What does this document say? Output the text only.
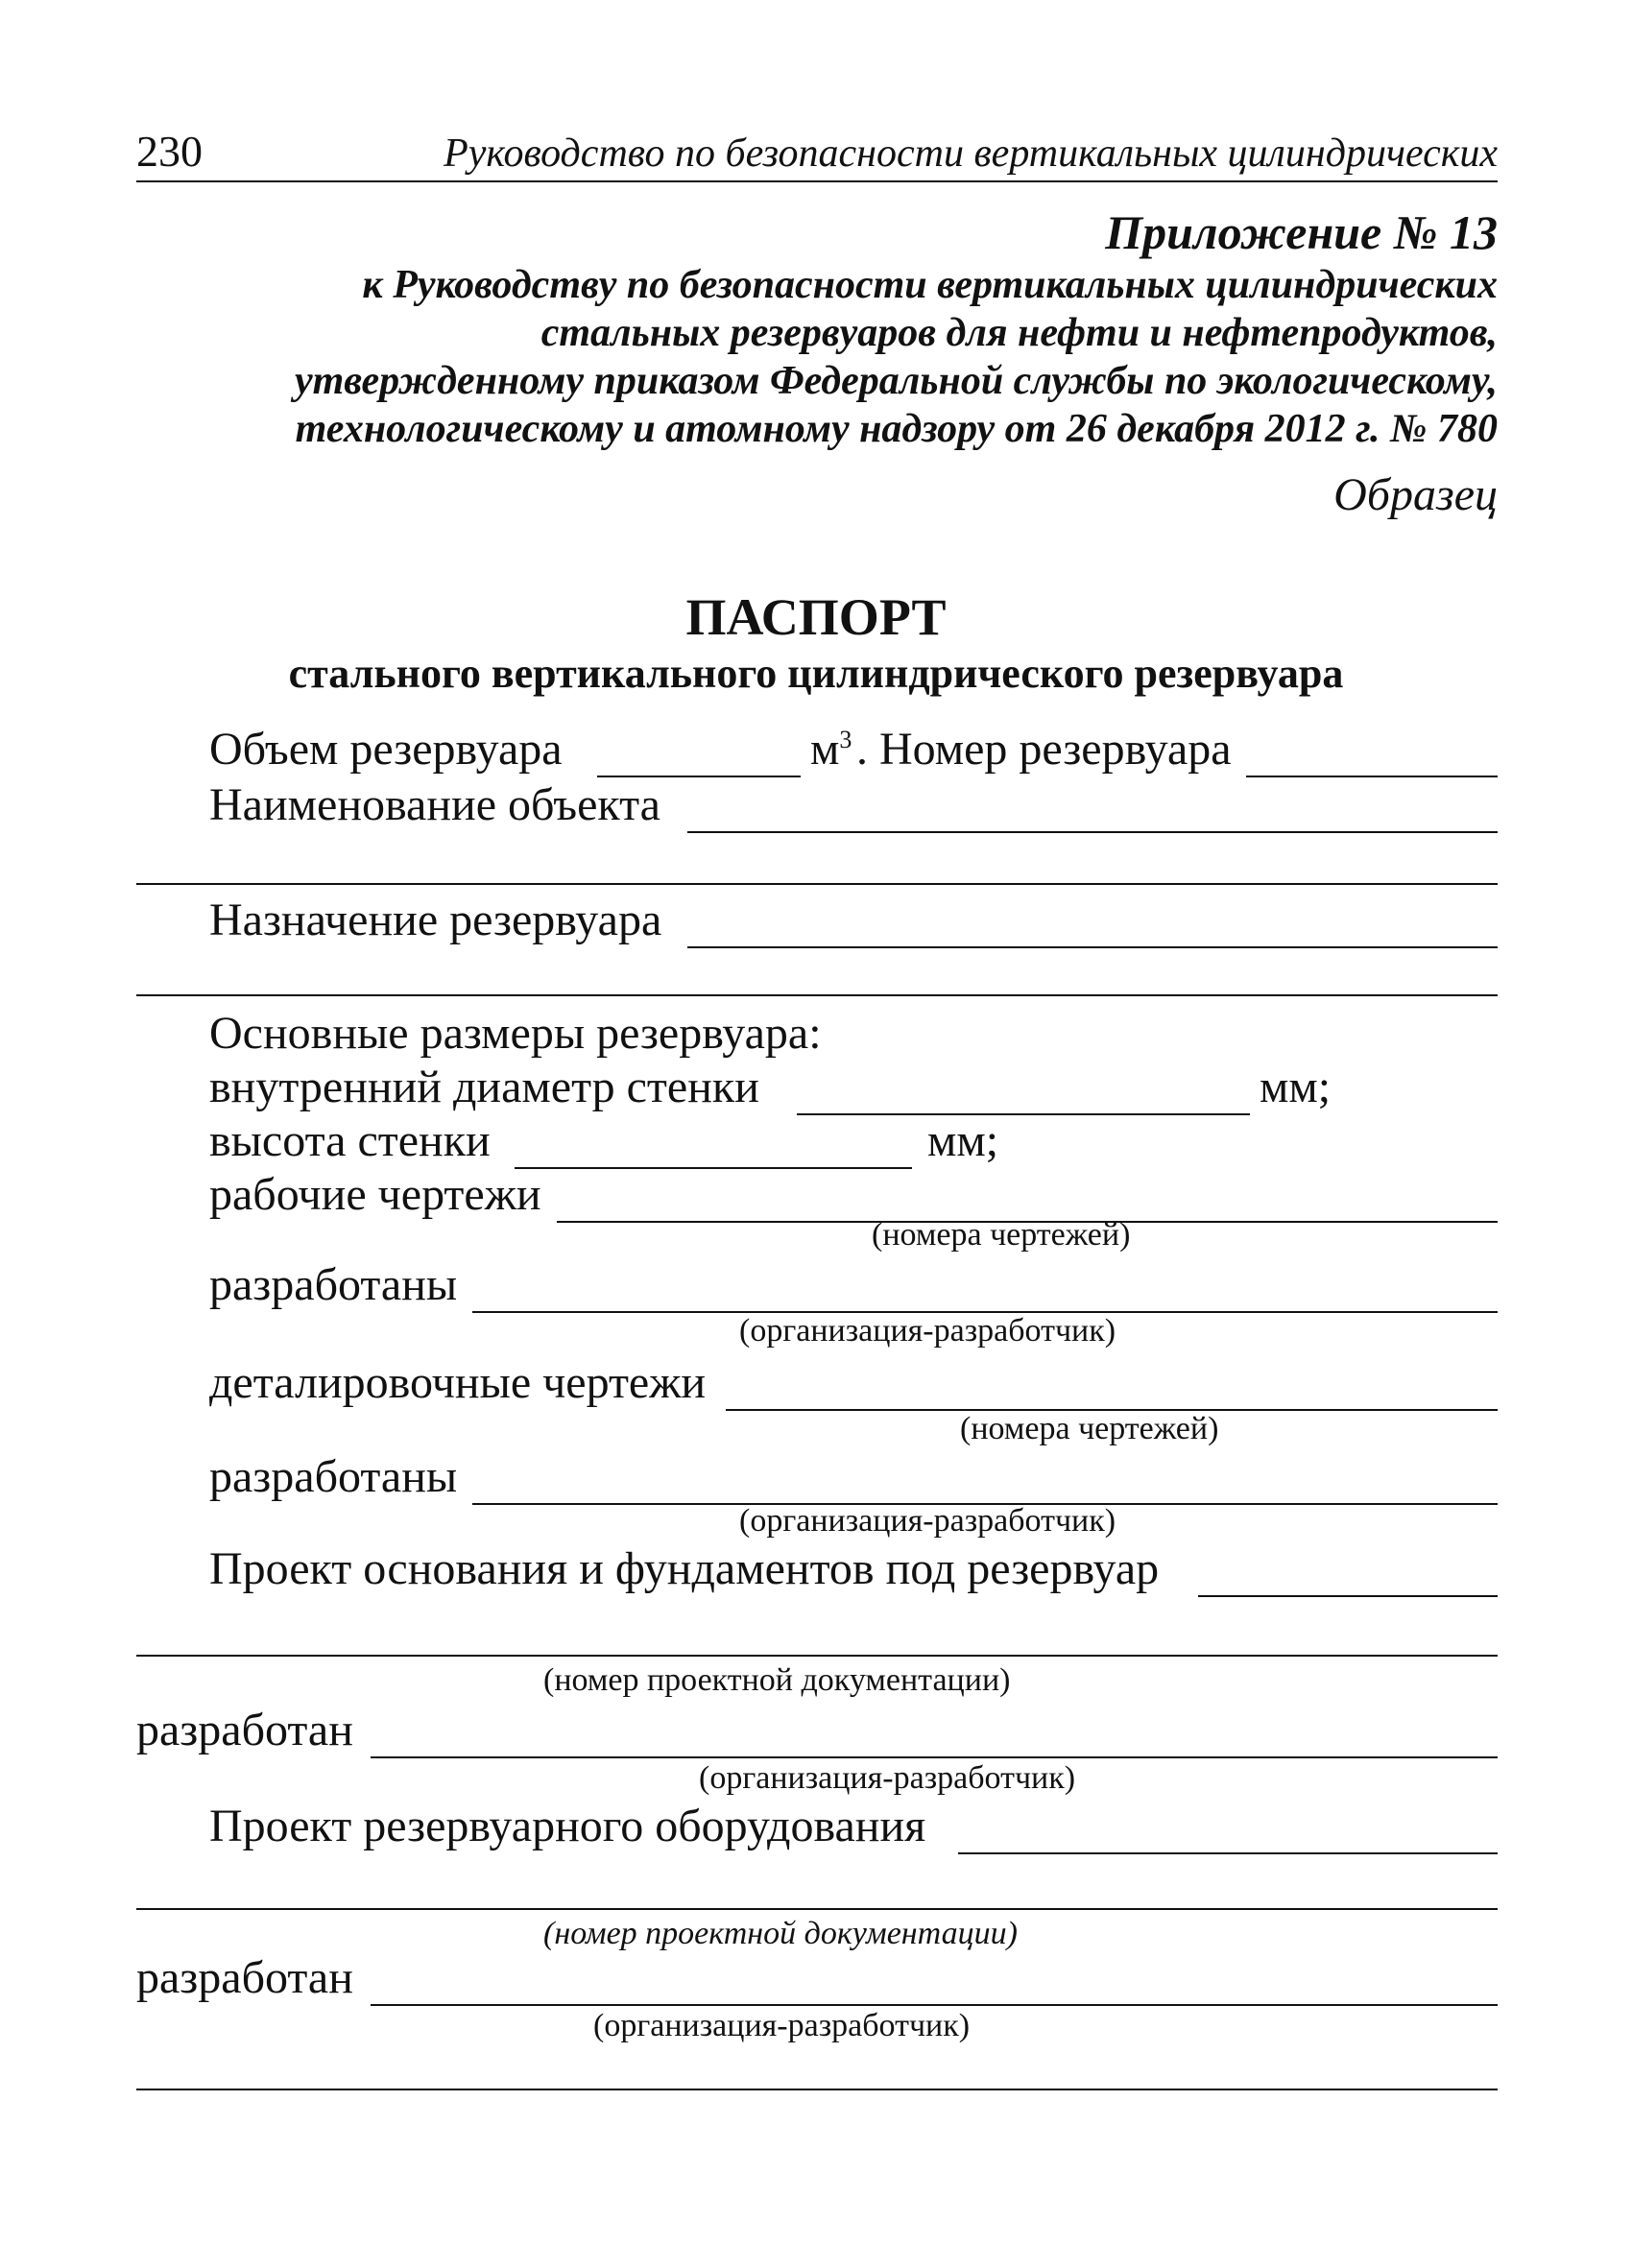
230	Руководство по безопасности вертикальных цилиндрических
Приложение № 13
к Руководству по безопасности вертикальных цилиндрических
стальных резервуаров для нефти и нефтепродуктов,
утвержденному приказом Федеральной службы по экологическому,
технологическому и атомному надзору от 26 декабря 2012 г. № 780
Образец
ПАСПОРТ
стального вертикального цилиндрического резервуара
Объем резервуара	$м^3$ . Номер резервуара
Наименование объекта
Назначение резервуара
Основные размеры резервуара:
внутренний диаметр стенки	мм;
высота стенки	мм;
рабочие чертежи
(номера чертежей)
разработаны
(организация-разработчик)
деталировочные чертежи
(номера чертежей)
разработаны
(организация-разработчик)
Проект основания и фундаментов под резервуар
(номер проектной документации)
разработан
(организация-разработчик)
Проект резервуарного оборудования
(номер проектной документации)
разработан
(организация-разработчик)
